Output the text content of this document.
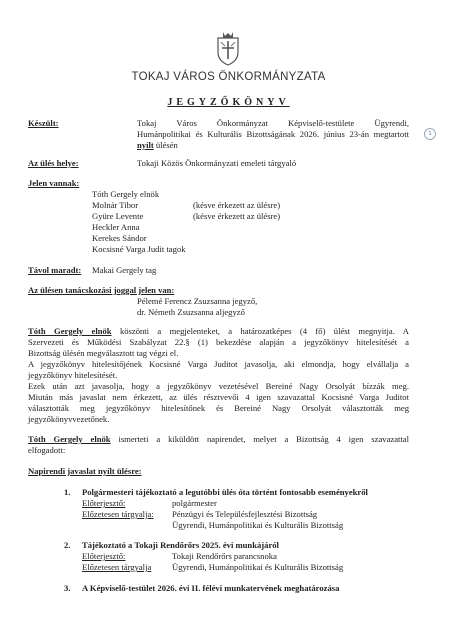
TOKAJ VÁROS ÖNKORMÁNYZATA
JEGYZŐKÖNYV
1
Készült:	Tokaj Város Önkormányzat Képviselő-testülete Ügyrendi,
Humánpolitikai és Kulturális Bizottságának 2026. június 23-án megtartott
nyílt ülésén
Az ülés helye:	Tokaji Közös Önkormányzati emeleti tárgyaló
Jelen vannak:
Tóth Gergely elnök
Molnár Tibor	(késve érkezett az ülésre)
Gyüre Levente	(késve érkezett az ülésre)
Heckler Anna
Kerekes Sándor
Kocsisné Varga Judit tagok
Távol maradt: Makai Gergely tag
Az ülésen tanácskozási joggal jelen van:
Pélemé Ferencz Zsuzsanna jegyző,
dr. Németh Zsuzsanna aljegyző
Tóth Gergely elnök köszönti a megjelenteket, a határozatképes (4 fő) ülést megnyitja. A
Szervezeti és Működési Szabályzat 22.§ (1) bekezdése alapján a jegyzőkönyv hitelesítését a
Bizottság ülésén megválasztott tag végzi el.
A jegyzőkönyv hitelesítőjének Kocsisné Varga Juditot javasolja, aki elmondja, hogy elvállalja a
jegyzőkönyv hitelesítését.
Ezek után azt javasolja, hogy a jegyzőkönyv vezetésével Bereiné Nagy Orsolyát bízzák meg.
Miután más javaslat nem érkezett, az ülés résztvevői 4 igen szavazattal Kocsisné Varga Juditot
választották meg jegyzőkönyv hitelesítőnek és Bereiné Nagy Orsolyát választották meg
jegyzőkönyvvezetőnek.
Tóth Gergely elnök ismerteti a kiküldött napirendet, melyet a Bizottság 4 igen szavazattal
elfogadott:
Napirendi javaslat nyílt ülésre:
1. Polgármesteri tájékoztató a legutóbbi ülés óta történt fontosabb eseményekről
Előterjesztő:	polgármester
Előzetesen tárgyalja: Pénzügyi és Településfejlesztési Bizottság
Ügyrendi, Humánpolitikai és Kulturális Bizottság
2. Tájékoztató a Tokaji Rendőrőrs 2025. évi munkájáról
Előterjesztő:	Tokaji Rendőrőrs parancsnoka
Előzetesen tárgyalja Ügyrendi, Humánpolitikai és Kulturális Bizottság
3. A Képviselő-testület 2026. évi II. félévi munkatervének meghatározása
